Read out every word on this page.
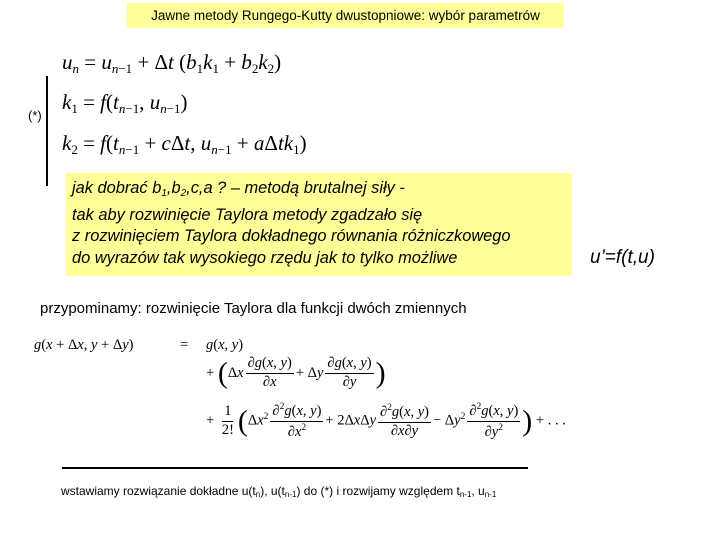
Jawne metody Rungego-Kutty dwustopniowe: wybór parametrów
$u_n = u_{n-1} + \Delta t$ $(b_1k_1 + b_2k_2)$
(*)
$k_1 = f(t_{n-1}$, $u_{n-1}$)
$k_2 = f(t_{n-1} + c\Delta t$, $u_{n-1} + a\Delta tk_1$)
jak dobrać $b_1,b_2,c,a$ ? – metodą brutalnej siły -
tak aby rozwinięcie Taylora metody zgadzało się
z rozwinięciem Taylora dokładnego równania różniczkowego
do wyrazów tak wysokiego rzędu jak to tylko możliwe	u’=f(t,u)
przypominamy: rozwinięcie Taylora dla funkcji dwóch zmiennych
g(x + Δx, y + Δy)	= g(x, y)
+ ($\Delta x \frac{\partial g(x, y)}{\partial x} + \Delta y \frac{\partial g(x, y)}{\partial y}$ )
+ $\frac{1}{2!} (\Delta x^2 \frac{\partial^2g(x, y)}{\partial x^2} + 2\Delta x\Delta y \frac{\partial^2g(x, y)}{\partial x\partial y} - \Delta y^2 \frac{\partial^2g(x, y)}{\partial y^2}$ ) + . . .
wstawiamy rozwiązanie dokładne $u(t_n)$, $u(t_{n-1})$ do (*) i rozwijamy względem $t_{n-1}$, $u_{n-1}$
